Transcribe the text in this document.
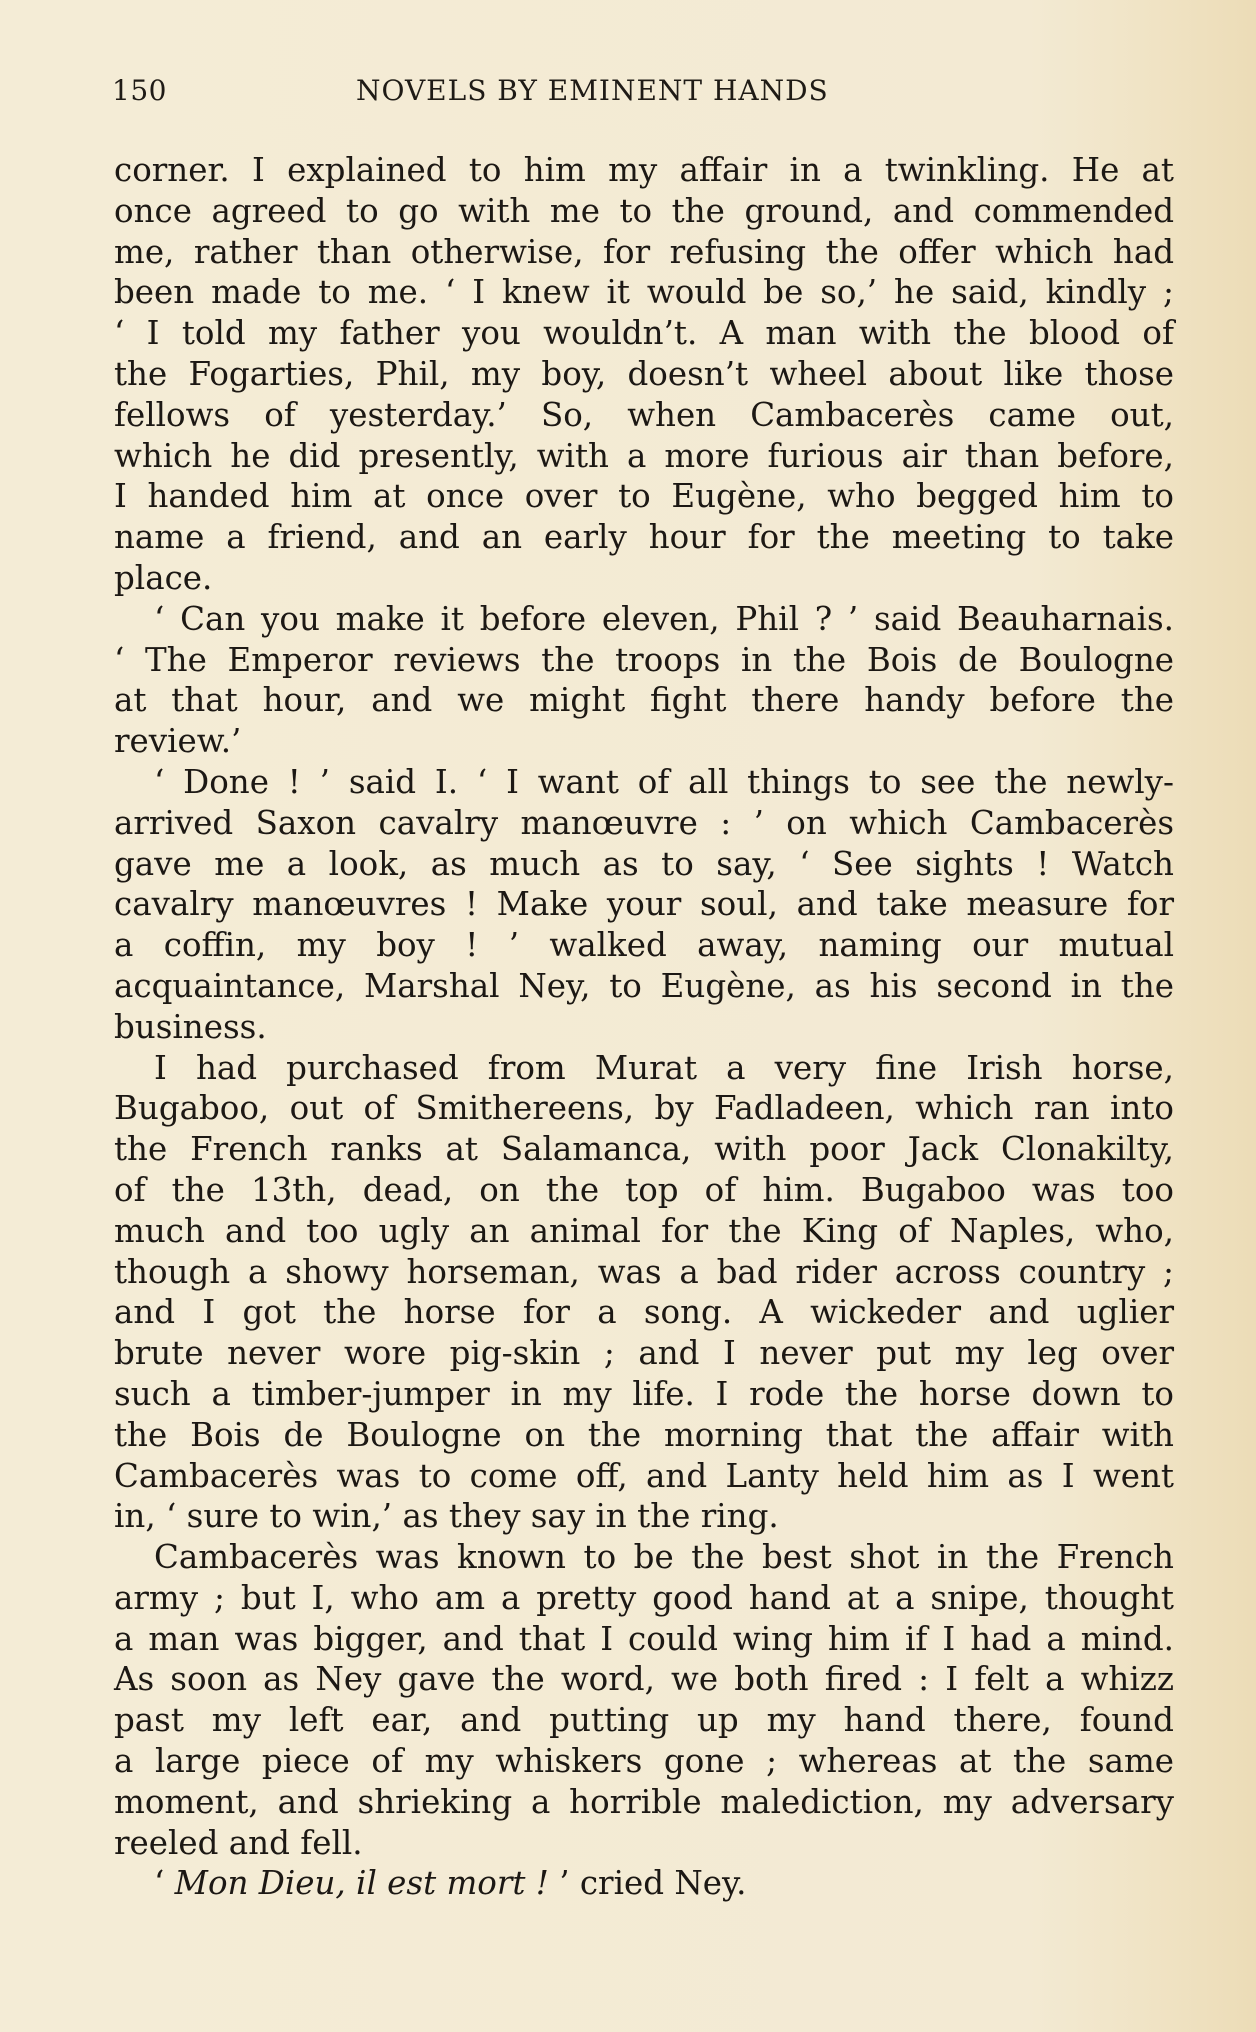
150	NOVELS BY EMINENT HANDS
corner. I explained to him my affair in a twinkling. He at
once agreed to go with me to the ground, and commended
me, rather than otherwise, for refusing the offer which had
been made to me. ‘ I knew it would be so,’ he said, kindly ;
‘ I told my father you wouldn’t. A man with the blood of
the Fogarties, Phil, my boy, doesn’t wheel about like those
fellows of yesterday.’ So, when Cambacerès came out,
which he did presently, with a more furious air than before,
I handed him at once over to Eugène, who begged him to
name a friend, and an early hour for the meeting to take
place.
‘ Can you make it before eleven, Phil ? ’ said Beauharnais.
‘ The Emperor reviews the troops in the Bois de Boulogne
at that hour, and we might fight there handy before the
review.’
‘ Done ! ’ said I. ‘ I want of all things to see the newly-
arrived Saxon cavalry manœuvre : ’ on which Cambacerès
gave me a look, as much as to say, ‘ See sights ! Watch
cavalry manœuvres ! Make your soul, and take measure for
a coffin, my boy ! ’ walked away, naming our mutual
acquaintance, Marshal Ney, to Eugène, as his second in the
business.
I had purchased from Murat a very fine Irish horse,
Bugaboo, out of Smithereens, by Fadladeen, which ran into
the French ranks at Salamanca, with poor Jack Clonakilty,
of the 13th, dead, on the top of him. Bugaboo was too
much and too ugly an animal for the King of Naples, who,
though a showy horseman, was a bad rider across country ;
and I got the horse for a song. A wickeder and uglier
brute never wore pig-skin ; and I never put my leg over
such a timber-jumper in my life. I rode the horse down to
the Bois de Boulogne on the morning that the affair with
Cambacerès was to come off, and Lanty held him as I went
in, ‘ sure to win,’ as they say in the ring.
Cambacerès was known to be the best shot in the French
army ; but I, who am a pretty good hand at a snipe, thought
a man was bigger, and that I could wing him if I had a mind.
As soon as Ney gave the word, we both fired : I felt a whizz
past my left ear, and putting up my hand there, found
a large piece of my whiskers gone ; whereas at the same
moment, and shrieking a horrible malediction, my adversary
reeled and fell.
‘ Mon Dieu, il est mort ! ’ cried Ney.
